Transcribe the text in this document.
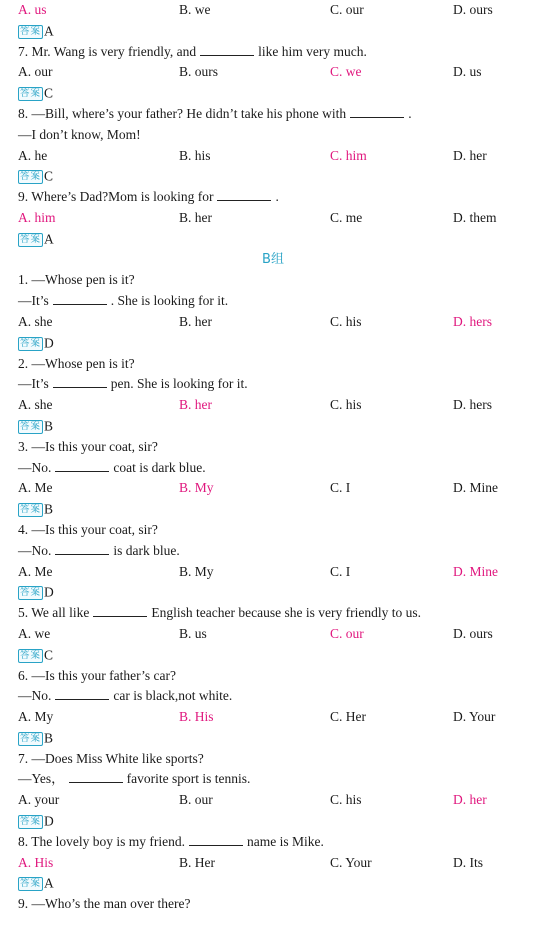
A. us	B. we	C. our	D. ours
答案 A
7. Mr. Wang is very friendly, and	like him very much.
A. our	B. ours	C. we	D. us
答案 C
8. —Bill, where’s your father? He didn’t take his phone with	.
—I don’t know, Mom!
A. he	B. his	C. him	D. her
答案 C
9. Where’s Dad?Mom is looking for	.
A. him	B. her	C. me	D. them
答案 A
B组
1. —Whose pen is it?
—It’s	. She is looking for it.
A. she	B. her	C. his	D. hers
答案 D
2. —Whose pen is it?
—It’s	pen. She is looking for it.
A. she	B. her	C. his	D. hers
答案 B
3. —Is this your coat, sir?
—No.	coat is dark blue.
A. Me	B. My	C. I	D. Mine
答案 B
4. —Is this your coat, sir?
—No.	is dark blue.
A. Me	B. My	C. I	D. Mine
答案 D
5. We all like	English teacher because she is very friendly to us.
A. we	B. us	C. our	D. ours
答案 C
6. —Is this your father’s car?
—No.	car is black,not white.
A. My	B. His	C. Her	D. Your
答案 B
7. —Does Miss White like sports?
—Yes，	favorite sport is tennis.
A. your	B. our	C. his	D. her
答案 D
8. The lovely boy is my friend.	name is Mike.
A. His	B. Her	C. Your	D. Its
答案 A
9. —Who’s the man over there?
